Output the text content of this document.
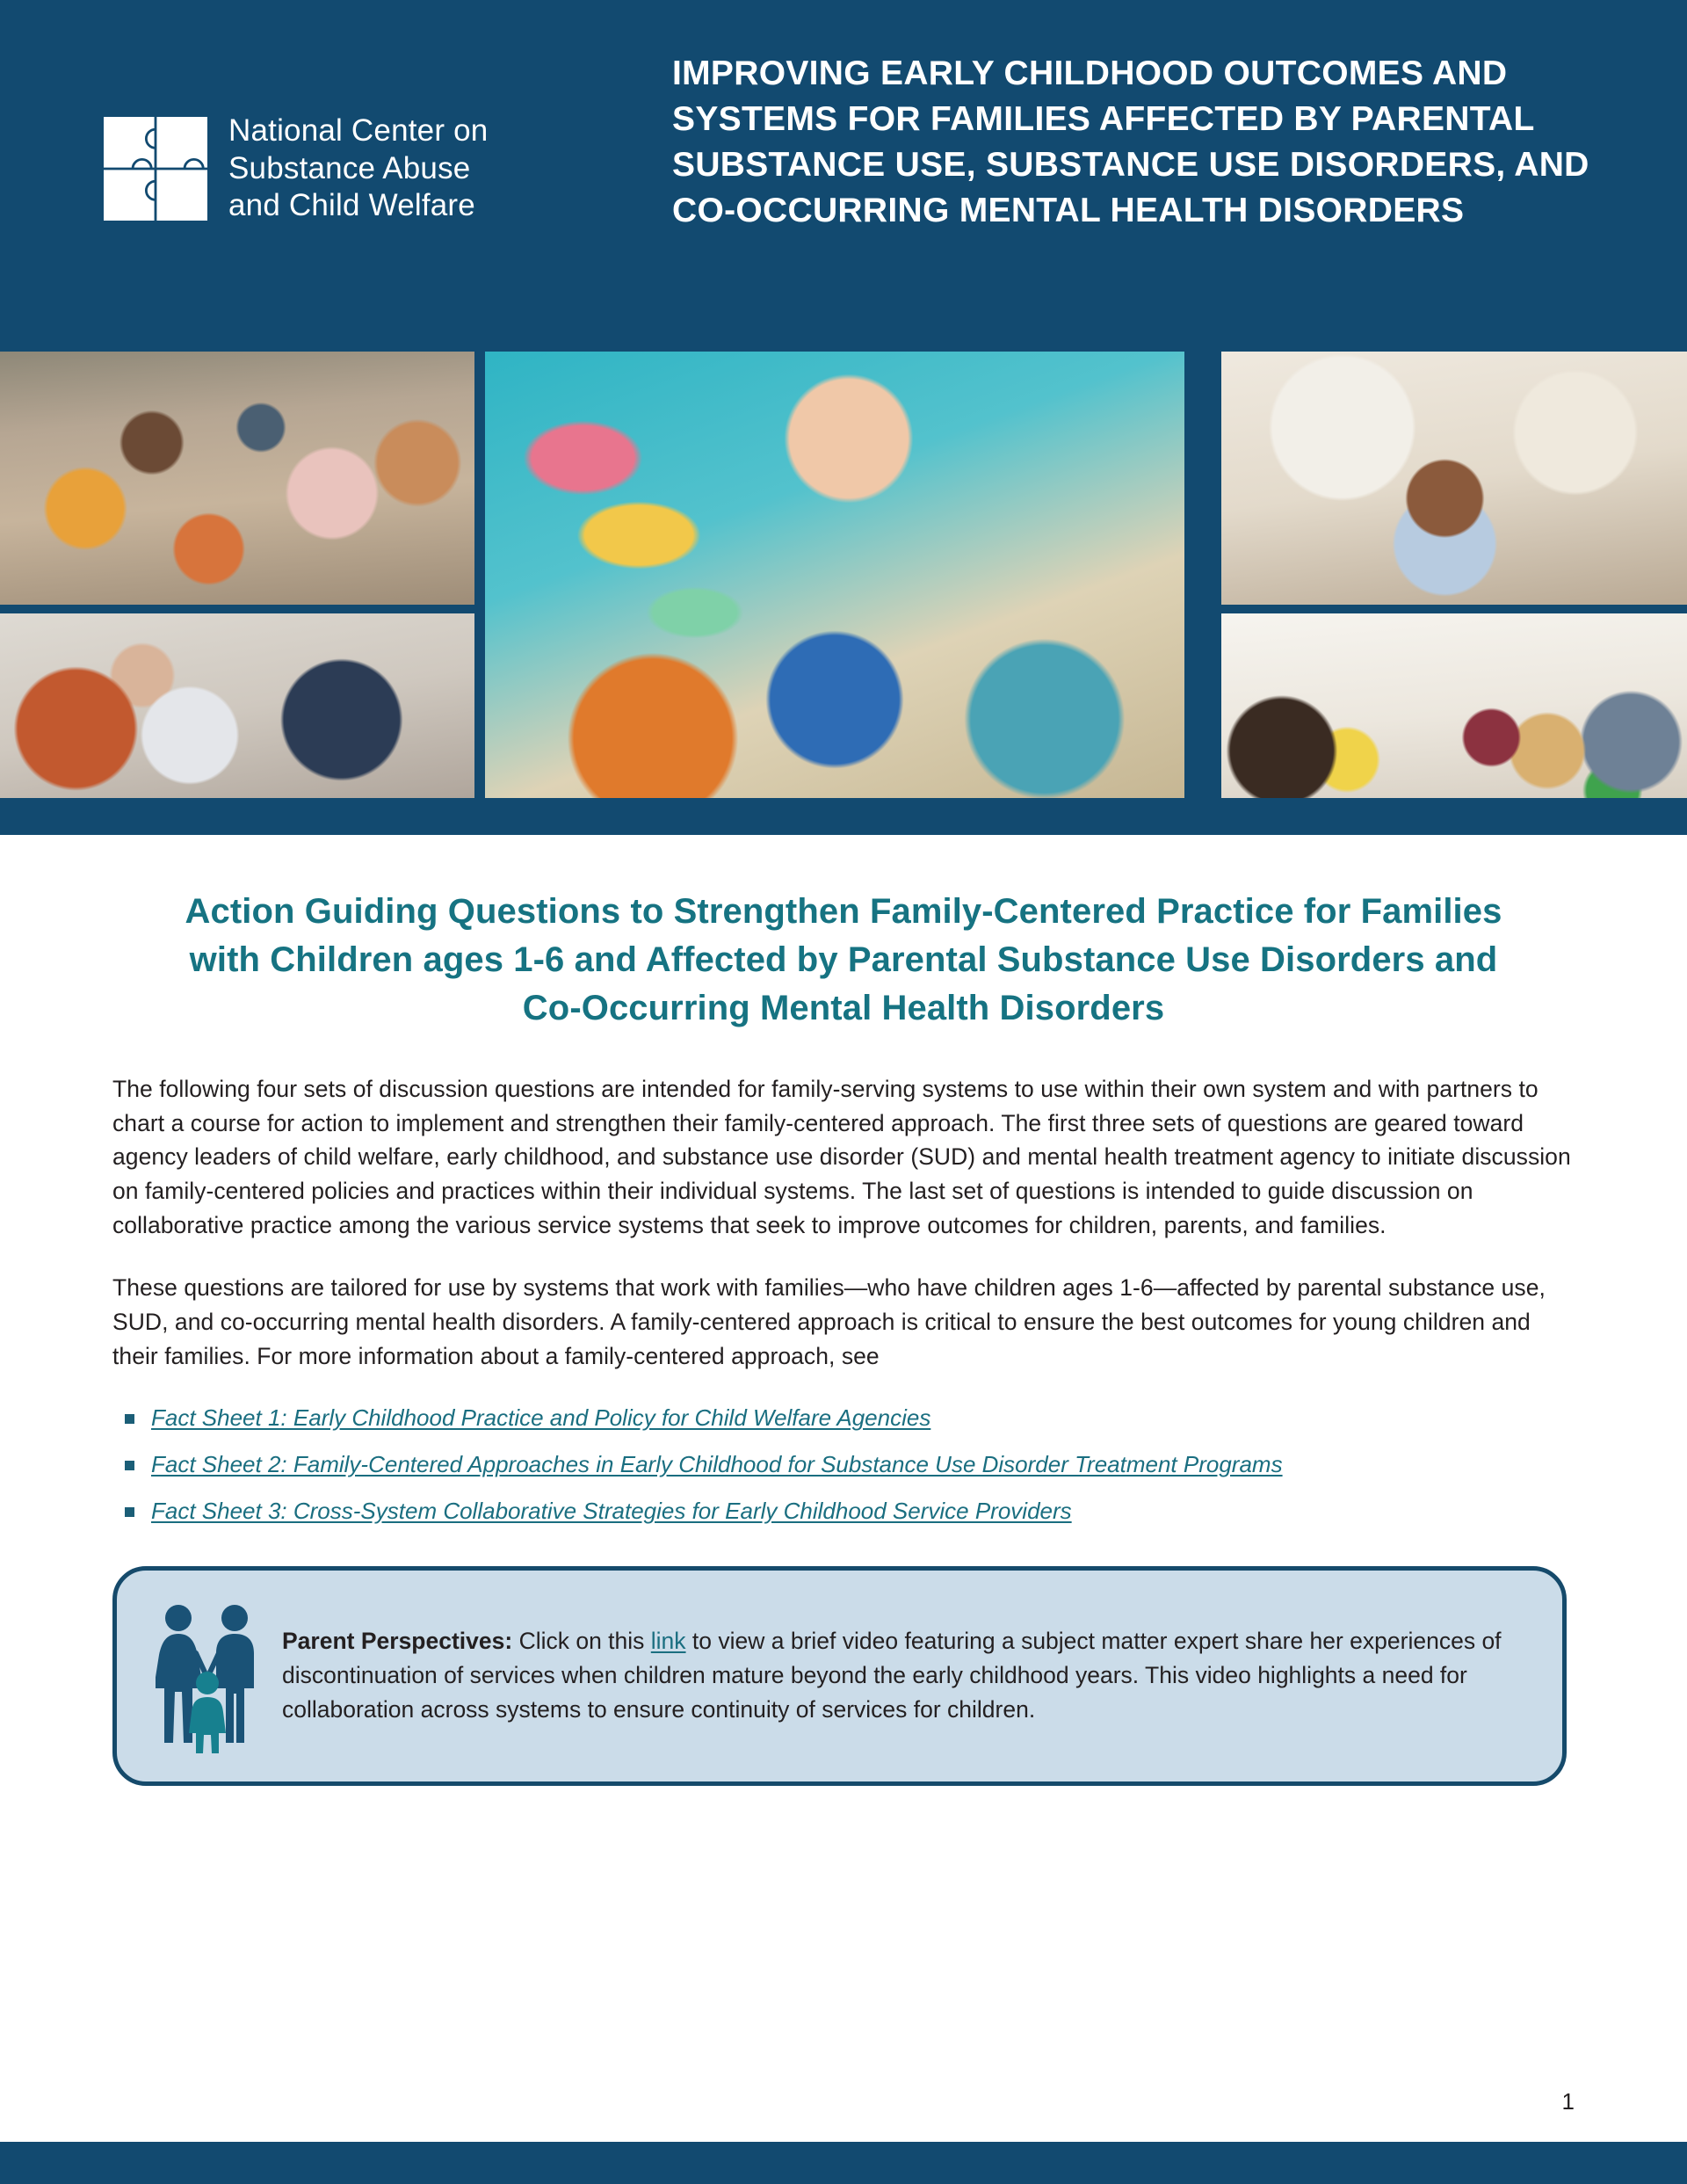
National Center on
Substance Abuse
and Child Welfare
IMPROVING EARLY CHILDHOOD OUTCOMES AND SYSTEMS FOR FAMILIES AFFECTED BY PARENTAL SUBSTANCE USE, SUBSTANCE USE DISORDERS, AND CO-OCCURRING MENTAL HEALTH DISORDERS
Action Guiding Questions to Strengthen Family-Centered Practice for Families with Children ages 1-6 and Affected by Parental Substance Use Disorders and Co-Occurring Mental Health Disorders

The following four sets of discussion questions are intended for family-serving systems to use within their own system and with partners to chart a course for action to implement and strengthen their family-centered approach. The first three sets of questions are geared toward agency leaders of child welfare, early childhood, and substance use disorder (SUD) and mental health treatment agency to initiate discussion on family-centered policies and practices within their individual systems. The last set of questions is intended to guide discussion on collaborative practice among the various service systems that seek to improve outcomes for children, parents, and families.

These questions are tailored for use by systems that work with families—who have children ages 1-6—affected by parental substance use, SUD, and co-occurring mental health disorders. A family-centered approach is critical to ensure the best outcomes for young children and their families. For more information about a family-centered approach, see

Fact Sheet 1: Early Childhood Practice and Policy for Child Welfare Agencies
Fact Sheet 2: Family-Centered Approaches in Early Childhood for Substance Use Disorder Treatment Programs
Fact Sheet 3: Cross-System Collaborative Strategies for Early Childhood Service Providers

Parent Perspectives: Click on this link to view a brief video featuring a subject matter expert share her experiences of discontinuation of services when children mature beyond the early childhood years. This video highlights a need for collaboration across systems to ensure continuity of services for children.

1
